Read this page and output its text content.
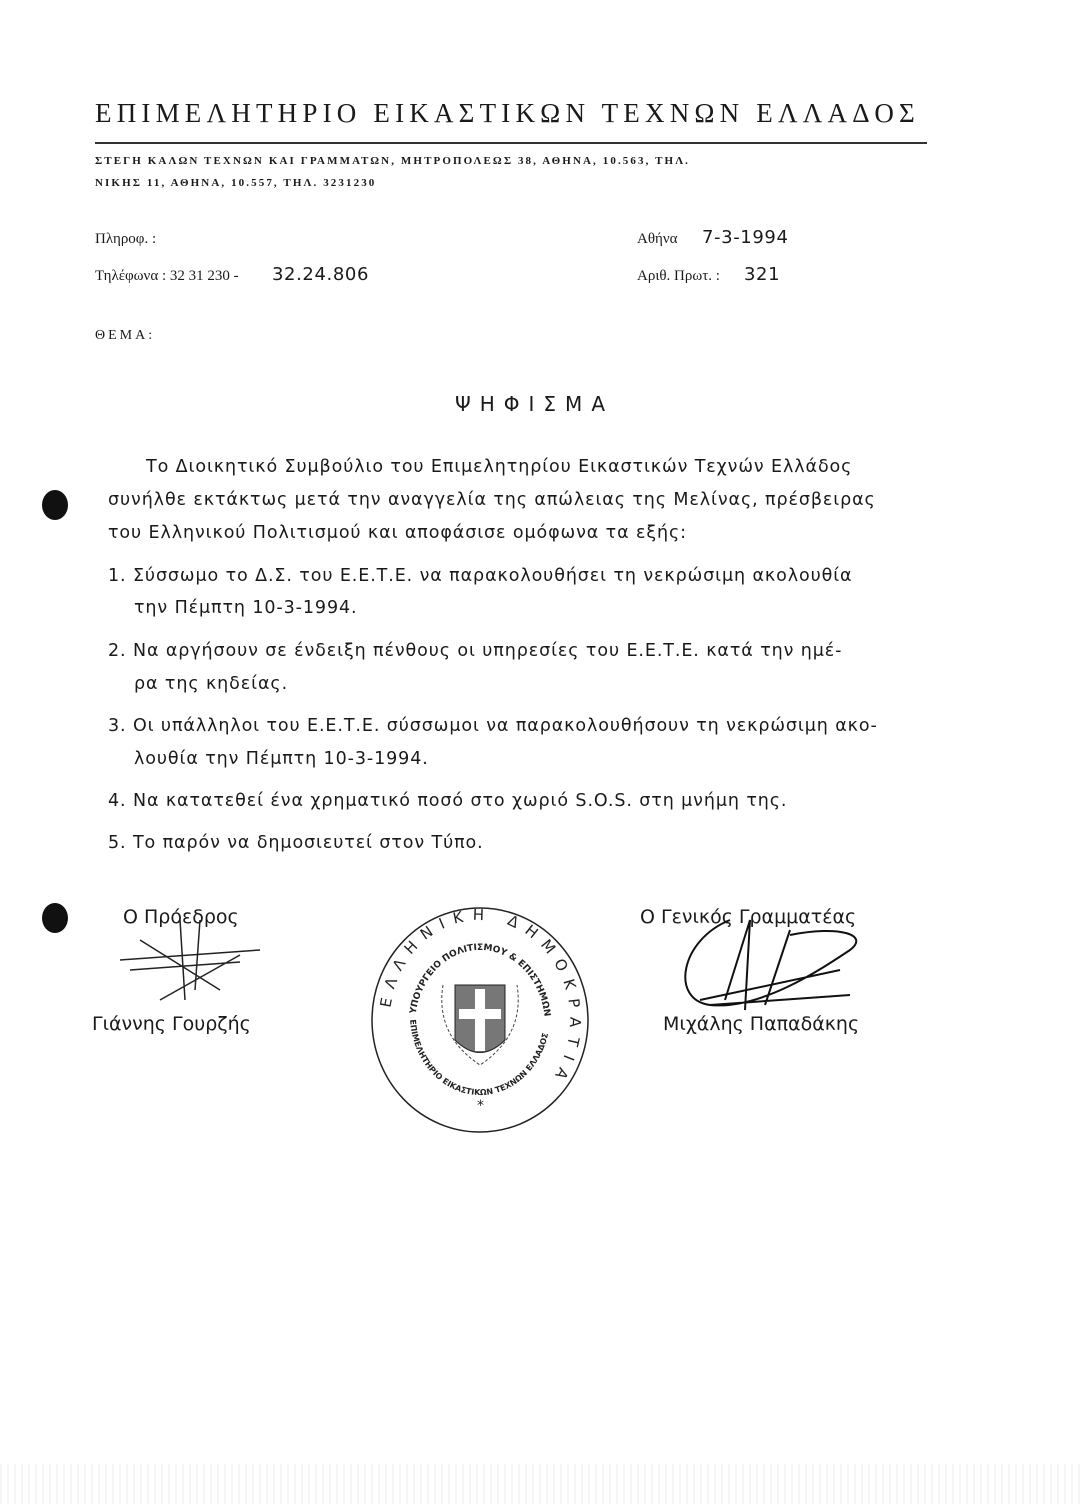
ΕΠΙΜΕΛΗΤΗΡΙΟ ΕΙΚΑΣΤΙΚΩΝ ΤΕΧΝΩΝ ΕΛΛΑΔΟΣ
ΣΤΕΓΗ ΚΑΛΩΝ ΤΕΧΝΩΝ ΚΑΙ ΓΡΑΜΜΑΤΩΝ, ΜΗΤΡΟΠΟΛΕΩΣ 38, ΑΘΗΝΑ, 10.563, ΤΗΛ.
ΝΙΚΗΣ 11, ΑΘΗΝΑ, 10.557, ΤΗΛ. 3231230
Πληροφ. :
Τηλέφωνα : 32 31 230 - 32.24.806
Αθήνα 7-3-1994
Αριθ. Πρωτ. : 321
ΘΕΜΑ:
ΨΗΦΙΣΜΑ
Το Διοικητικό Συμβούλιο του Επιμελητηρίου Εικαστικών Τεχνών Ελλάδος
συνήλθε εκτάκτως μετά την αναγγελία της απώλειας της Μελίνας, πρέσβειρας
του Ελληνικού Πολιτισμού και αποφάσισε ομόφωνα τα εξής:
1. Σύσσωμο το Δ.Σ. του Ε.Ε.Τ.Ε. να παρακολουθήσει τη νεκρώσιμη ακολουθία
την Πέμπτη 10-3-1994.
2. Να αργήσουν σε ένδειξη πένθους οι υπηρεσίες του Ε.Ε.Τ.Ε. κατά την ημέ-
ρα της κηδείας.
3. Οι υπάλληλοι του Ε.Ε.Τ.Ε. σύσσωμοι να παρακολουθήσουν τη νεκρώσιμη ακο-
λουθία την Πέμπτη 10-3-1994.
4. Να κατατεθεί ένα χρηματικό ποσό στο χωριό S.O.S. στη μνήμη της.
5. Το παρόν να δημοσιευτεί στον Τύπο.
Ο Πρόεδρος
Γιάννης Γουρζής
Ο Γενικός Γραμματέας
Μιχάλης Παπαδάκης
ΕΛΛΗΝΙΚΗ ΔΗΜΟΚΡΑΤΙΑ
ΥΠΟΥΡΓΕΙΟ ΠΟΛΙΤΙΣΜΟΥ & ΕΠΙΣΤΗΜΩΝ
ΕΠΙΜΕΛΗΤΗΡΙΟ ΕΙΚΑΣΤΙΚΩΝ ΤΕΧΝΩΝ ΕΛΛΑΔΟΣ
*
